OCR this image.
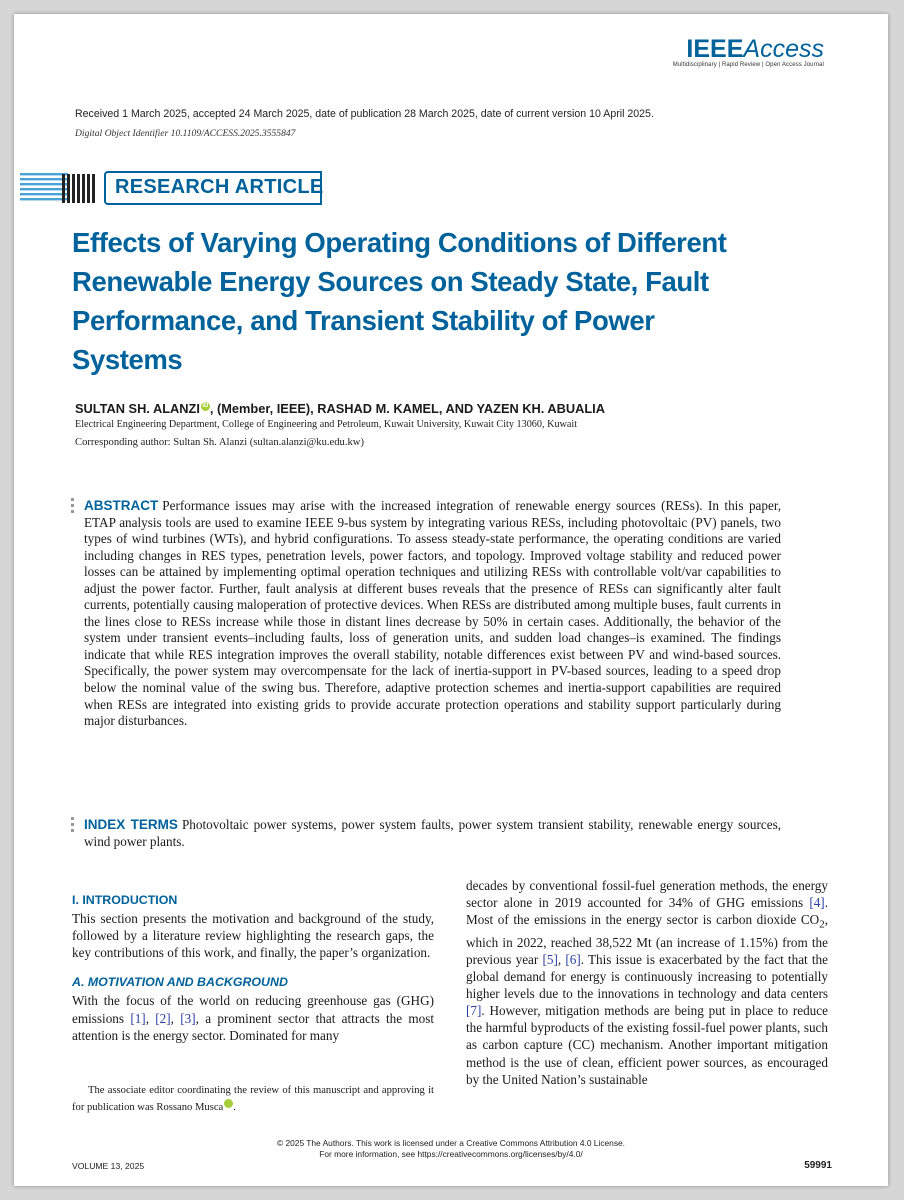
IEEEAccess
Multidisciplinary | Rapid Review | Open Access Journal
Received 1 March 2025, accepted 24 March 2025, date of publication 28 March 2025, date of current version 10 April 2025.
Digital Object Identifier 10.1109/ACCESS.2025.3555847
RESEARCH ARTICLE
Effects of Varying Operating Conditions of Different Renewable Energy Sources on Steady State, Fault Performance, and Transient Stability of Power Systems
SULTAN SH. ALANZI iD , (Member, IEEE), RASHAD M. KAMEL, AND YAZEN KH. ABUALIA
Electrical Engineering Department, College of Engineering and Petroleum, Kuwait University, Kuwait City 13060, Kuwait
Corresponding author: Sultan Sh. Alanzi (sultan.alanzi@ku.edu.kw)
ABSTRACT Performance issues may arise with the increased integration of renewable energy sources (RESs). In this paper, ETAP analysis tools are used to examine IEEE 9-bus system by integrating various RESs, including photovoltaic (PV) panels, two types of wind turbines (WTs), and hybrid configurations. To assess steady-state performance, the operating conditions are varied including changes in RES types, penetration levels, power factors, and topology. Improved voltage stability and reduced power losses can be attained by implementing optimal operation techniques and utilizing RESs with controllable volt/var capabilities to adjust the power factor. Further, fault analysis at different buses reveals that the presence of RESs can significantly alter fault currents, potentially causing maloperation of protective devices. When RESs are distributed among multiple buses, fault currents in the lines close to RESs increase while those in distant lines decrease by 50% in certain cases. Additionally, the behavior of the system under transient events–including faults, loss of generation units, and sudden load changes–is examined. The findings indicate that while RES integration improves the overall stability, notable differences exist between PV and wind-based sources. Specifically, the power system may overcompensate for the lack of inertia-support in PV-based sources, leading to a speed drop below the nominal value of the swing bus. Therefore, adaptive protection schemes and inertia-support capabilities are required when RESs are integrated into existing grids to provide accurate protection operations and stability support particularly during major disturbances.
INDEX TERMS Photovoltaic power systems, power system faults, power system transient stability, renewable energy sources, wind power plants.
I. INTRODUCTION
This section presents the motivation and background of the study, followed by a literature review highlighting the research gaps, the key contributions of this work, and finally, the paper’s organization.
A. MOTIVATION AND BACKGROUND
With the focus of the world on reducing greenhouse gas (GHG) emissions [1], [2], [3], a prominent sector that attracts the most attention is the energy sector. Dominated for many
decades by conventional fossil-fuel generation methods, the energy sector alone in 2019 accounted for 34% of GHG emissions [4]. Most of the emissions in the energy sector is carbon dioxide $CO_2$, which in 2022, reached 38,522 Mt (an increase of 1.15%) from the previous year [5], [6]. This issue is exacerbated by the fact that the global demand for energy is continuously increasing to potentially higher levels due to the innovations in technology and data centers [7]. However, mitigation methods are being put in place to reduce the harmful byproducts of the existing fossil-fuel power plants, such as carbon capture (CC) mechanism. Another important mitigation method is the use of clean, efficient power sources, as encouraged by the United Nation’s sustainable
The associate editor coordinating the review of this manuscript and approving it for publication was Rossano Musca	iD.
© 2025 The Authors. This work is licensed under a Creative Commons Attribution 4.0 License.
For more information, see https://creativecommons.org/licenses/by/4.0/
VOLUME 13, 2025	59991
